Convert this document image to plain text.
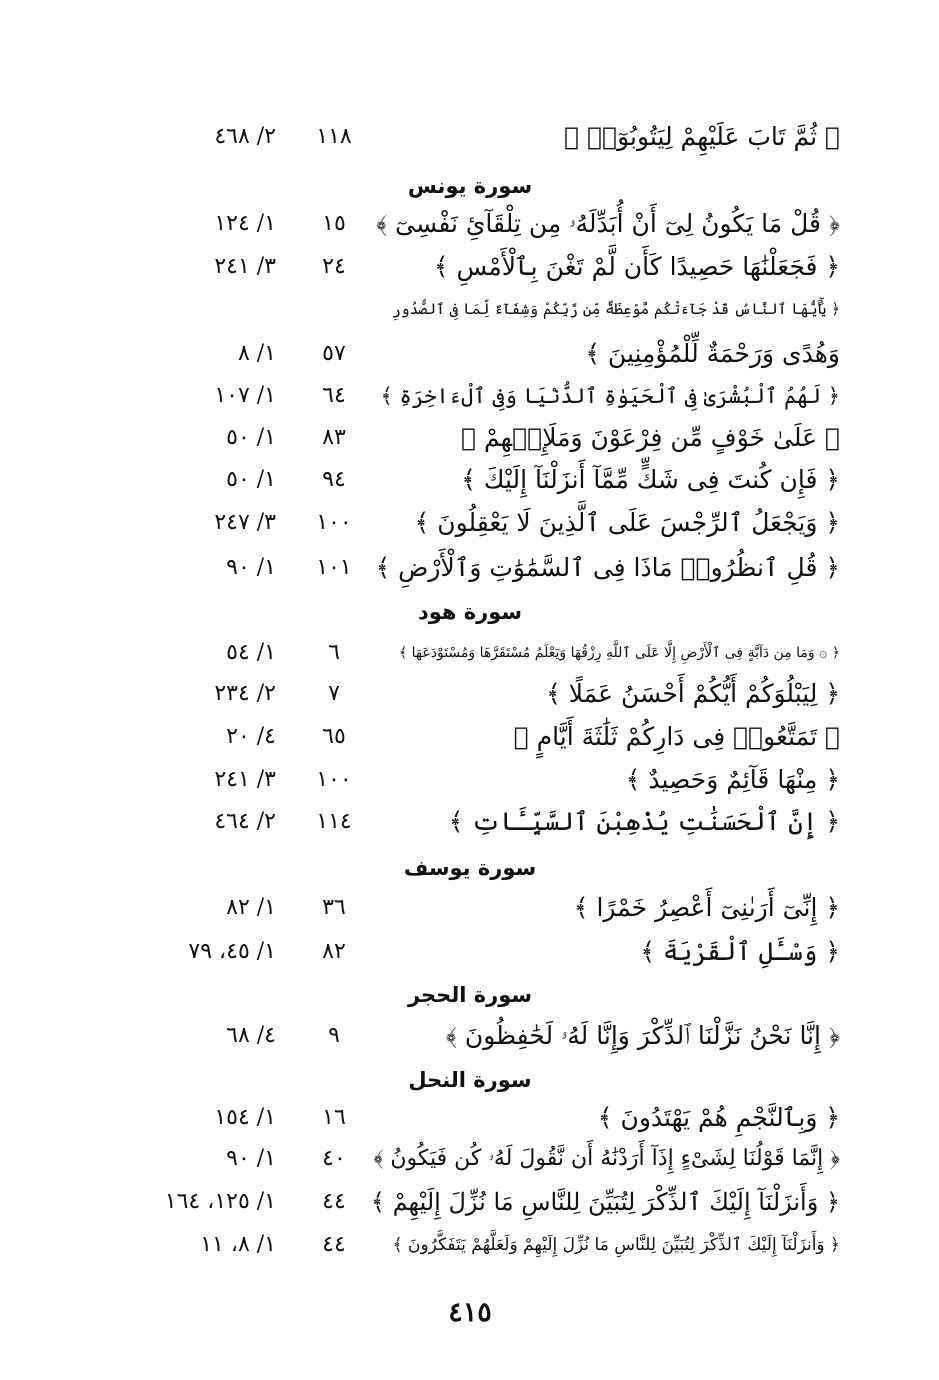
﴿ ثُمَّ تَابَ عَلَيْهِمْ لِيَتُوبُوٓا۟ ﴾
١١٨
٢/ ٤٦٨
سورة يونس
﴿ قُلْ مَا يَكُونُ لِىٓ أَنْ أُبَدِّلَهُۥ مِن تِلْقَآئِ نَفْسِىٓ ﴾
١٥
١/ ١٢٤
﴿ فَجَعَلْنَٰهَا حَصِيدًا كَأَن لَّمْ تَغْنَ بِٱلْأَمْسِ ﴾
٢٤
٣/ ٢٤١
﴿ يَٰٓأَيُّهَا ٱلنَّاسُ قَدْ جَآءَتْكُم مَّوْعِظَةٌ مِّن رَّبِّكُمْ وَشِفَآءٌ لِّمَا فِى ٱلصُّدُورِ
وَهُدًى وَرَحْمَةٌ لِّلْمُؤْمِنِينَ ﴾
٥٧
١/ ٨
﴿ لَهُمُ ٱلْبُشْرَىٰ فِى ٱلْحَيَوٰةِ ٱلدُّنْيَا وَفِى ٱلْءَاخِرَةِ ﴾
٦٤
١/ ١٠٧
﴿ عَلَىٰ خَوْفٍ مِّن فِرْعَوْنَ وَمَلَإِي۟هِمْ ﴾
٨٣
١/ ٥٠
﴿ فَإِن كُنتَ فِى شَكٍّ مِّمَّآ أَنزَلْنَآ إِلَيْكَ ﴾
٩٤
١/ ٥٠
﴿ وَيَجْعَلُ ٱلرِّجْسَ عَلَى ٱلَّذِينَ لَا يَعْقِلُونَ ﴾
١٠٠
٣/ ٢٤٧
﴿ قُلِ ٱنظُرُوا۟ مَاذَا فِى ٱلسَّمَٰوَٰتِ وَٱلْأَرْضِ ﴾
١٠١
١/ ٩٠
سورة هود
﴿ ۞ وَمَا مِن دَآبَّةٍ فِى ٱلْأَرْضِ إِلَّا عَلَى ٱللَّهِ رِزْقُهَا وَيَعْلَمُ مُسْتَقَرَّهَا وَمُسْتَوْدَعَهَا ﴾
٦
١/ ٥٤
﴿ لِيَبْلُوَكُمْ أَيُّكُمْ أَحْسَنُ عَمَلًا ﴾
٧
٢/ ٢٣٤
﴿ تَمَتَّعُوا۟ فِى دَارِكُمْ ثَلَٰثَةَ أَيَّامٍ ﴾
٦٥
٤/ ٢٠
﴿ مِنْهَا قَآئِمٌ وَحَصِيدٌ ﴾
١٠٠
٣/ ٢٤١
﴿ إِنَّ ٱلْحَسَنَٰتِ يُذْهِبْنَ ٱلسَّيِّـَٔاتِ ﴾
١١٤
٢/ ٤٦٤
سورة يوسف
﴿ إِنِّىٓ أَرَىٰنِىٓ أَعْصِرُ خَمْرًا ﴾
٣٦
١/ ٨٢
﴿ وَسْـَٔلِ ٱلْقَرْيَةَ ﴾
٨٢
١/ ٤٥، ٧٩
سورة الحجر
﴿ إِنَّا نَحْنُ نَزَّلْنَا ٱلذِّكْرَ وَإِنَّا لَهُۥ لَحَٰفِظُونَ ﴾
٩
٤/ ٦٨
سورة النحل
﴿ وَبِٱلنَّجْمِ هُمْ يَهْتَدُونَ ﴾
١٦
١/ ١٥٤
﴿ إِنَّمَا قَوْلُنَا لِشَىْءٍ إِذَآ أَرَدْنَٰهُ أَن نَّقُولَ لَهُۥ كُن فَيَكُونُ ﴾
٤٠
١/ ٩٠
﴿ وَأَنزَلْنَآ إِلَيْكَ ٱلذِّكْرَ لِتُبَيِّنَ لِلنَّاسِ مَا نُزِّلَ إِلَيْهِمْ ﴾
٤٤
١/ ١٢٥، ١٦٤
﴿ وَأَنزَلْنَآ إِلَيْكَ ٱلذِّكْرَ لِتُبَيِّنَ لِلنَّاسِ مَا نُزِّلَ إِلَيْهِمْ وَلَعَلَّهُمْ يَتَفَكَّرُونَ ﴾
٤٤
١/ ٨، ١١
٤١٥
